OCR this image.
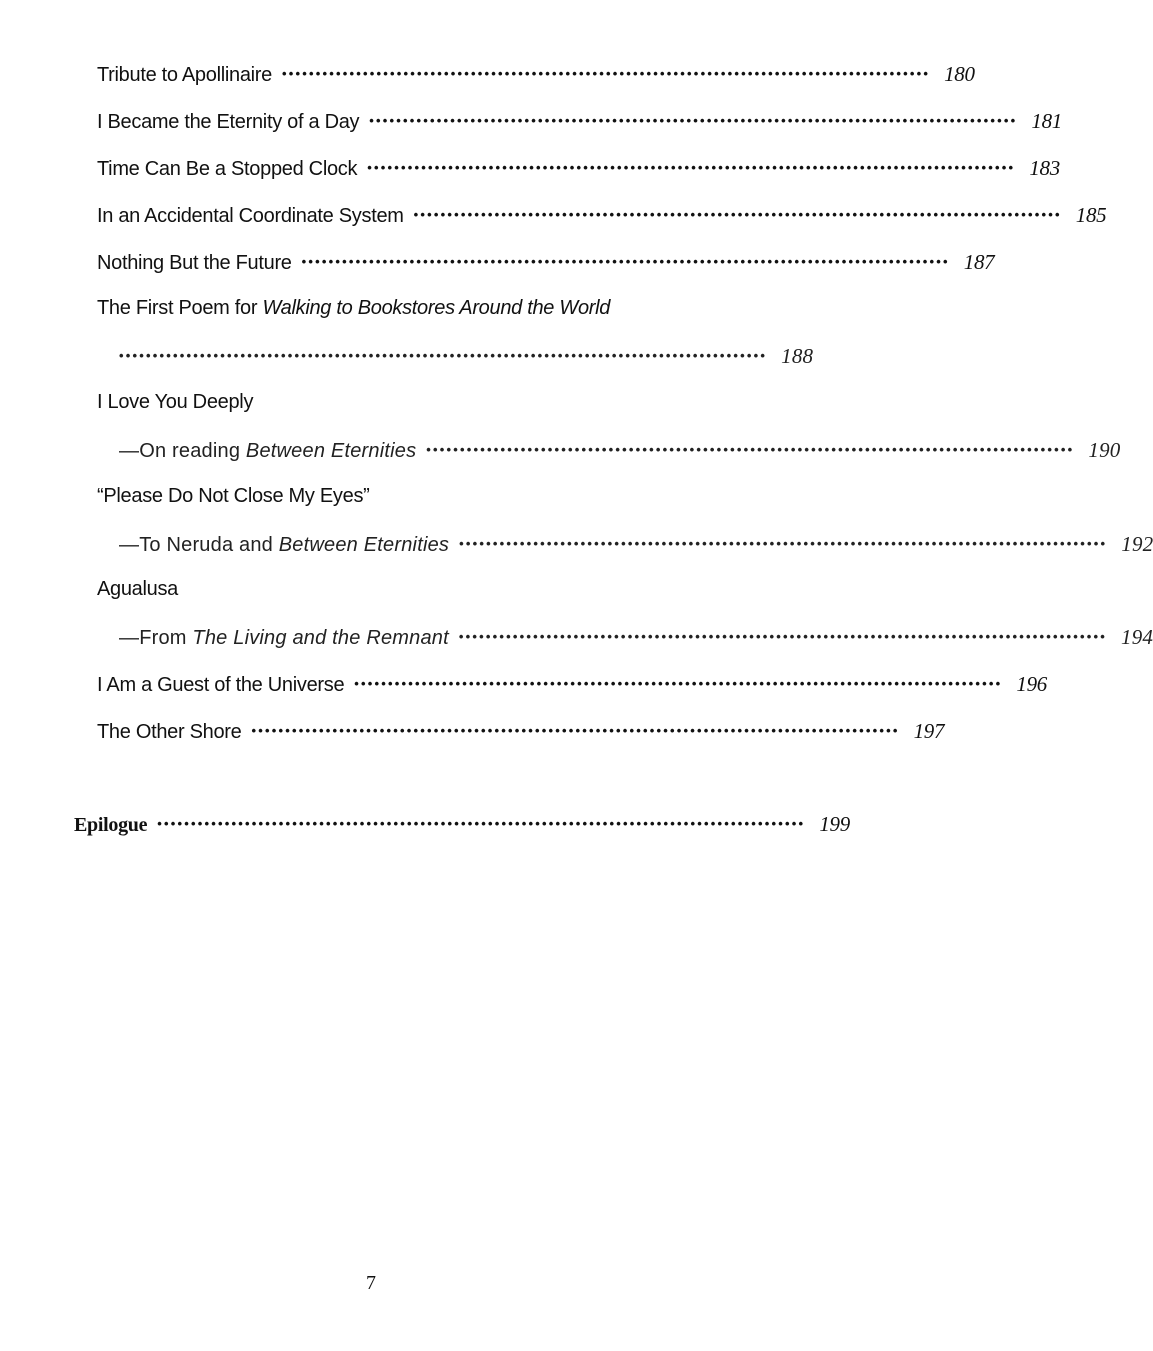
Tribute to Apollinaire •••••••••••••••••••••••••••••••••••••••••••••••••••••••••••••••••••••••••••••••••••••••••••••••• 180
I Became the Eternity of a Day •••••••••••••••••••••••••••••••••••••••••••••••••••••••••••••••••••••••••••••••••••••••••••••••• 181
Time Can Be a Stopped Clock •••••••••••••••••••••••••••••••••••••••••••••••••••••••••••••••••••••••••••••••••••••••••••••••• 183
In an Accidental Coordinate System •••••••••••••••••••••••••••••••••••••••••••••••••••••••••••••••••••••••••••••••••••••••••••••••• 185
Nothing But the Future •••••••••••••••••••••••••••••••••••••••••••••••••••••••••••••••••••••••••••••••••••••••••••••••• 187
The First Poem for Walking to Bookstores Around the World
•••••••••••••••••••••••••••••••••••••••••••••••••••••••••••••••••••••••••••••••••••••••••••••••• 188
I Love You Deeply
—On reading Between Eternities •••••••••••••••••••••••••••••••••••••••••••••••••••••••••••••••••••••••••••••••••••••••••••••••• 190
“Please Do Not Close My Eyes”
—To Neruda and Between Eternities •••••••••••••••••••••••••••••••••••••••••••••••••••••••••••••••••••••••••••••••••••••••••••••••• 192
Agualusa
—From The Living and the Remnant •••••••••••••••••••••••••••••••••••••••••••••••••••••••••••••••••••••••••••••••••••••••••••••••• 194
I Am a Guest of the Universe •••••••••••••••••••••••••••••••••••••••••••••••••••••••••••••••••••••••••••••••••••••••••••••••• 196
The Other Shore •••••••••••••••••••••••••••••••••••••••••••••••••••••••••••••••••••••••••••••••••••••••••••••••• 197
Epilogue •••••••••••••••••••••••••••••••••••••••••••••••••••••••••••••••••••••••••••••••••••••••••••••••• 199
7
